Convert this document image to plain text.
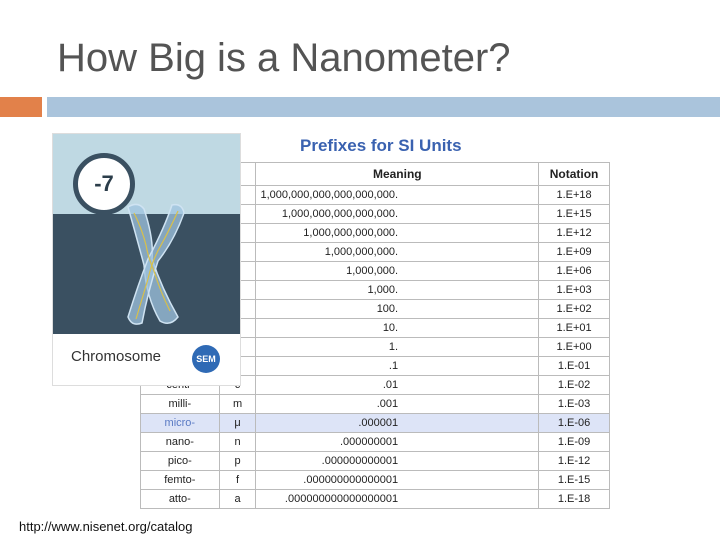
How Big is a Nanometer?
Prefixes for SI Units
		Meaning	Notation
		1,000,000,000,000,000,000.	1.E+18
		1,000,000,000,000,000.	1.E+15
		1,000,000,000,000.	1.E+12
		1,000,000,000.	1.E+09
		1,000,000.	1.E+06
		1,000.	1.E+03
		100.	1.E+02
		10.	1.E+01
		1.	1.E+00
		.1	1.E-01
		.01	1.E-02
milli-	m	.001	1.E-03
micro-	μ	.000001	1.E-06
nano-	n	.000000001	1.E-09
pico-	p	.000000000001	1.E-12
femto-	f	.000000000000001	1.E-15
atto-	a	.000000000000000001	1.E-18
-7
Chromosome	SEM
http://www.nisenet.org/catalog
